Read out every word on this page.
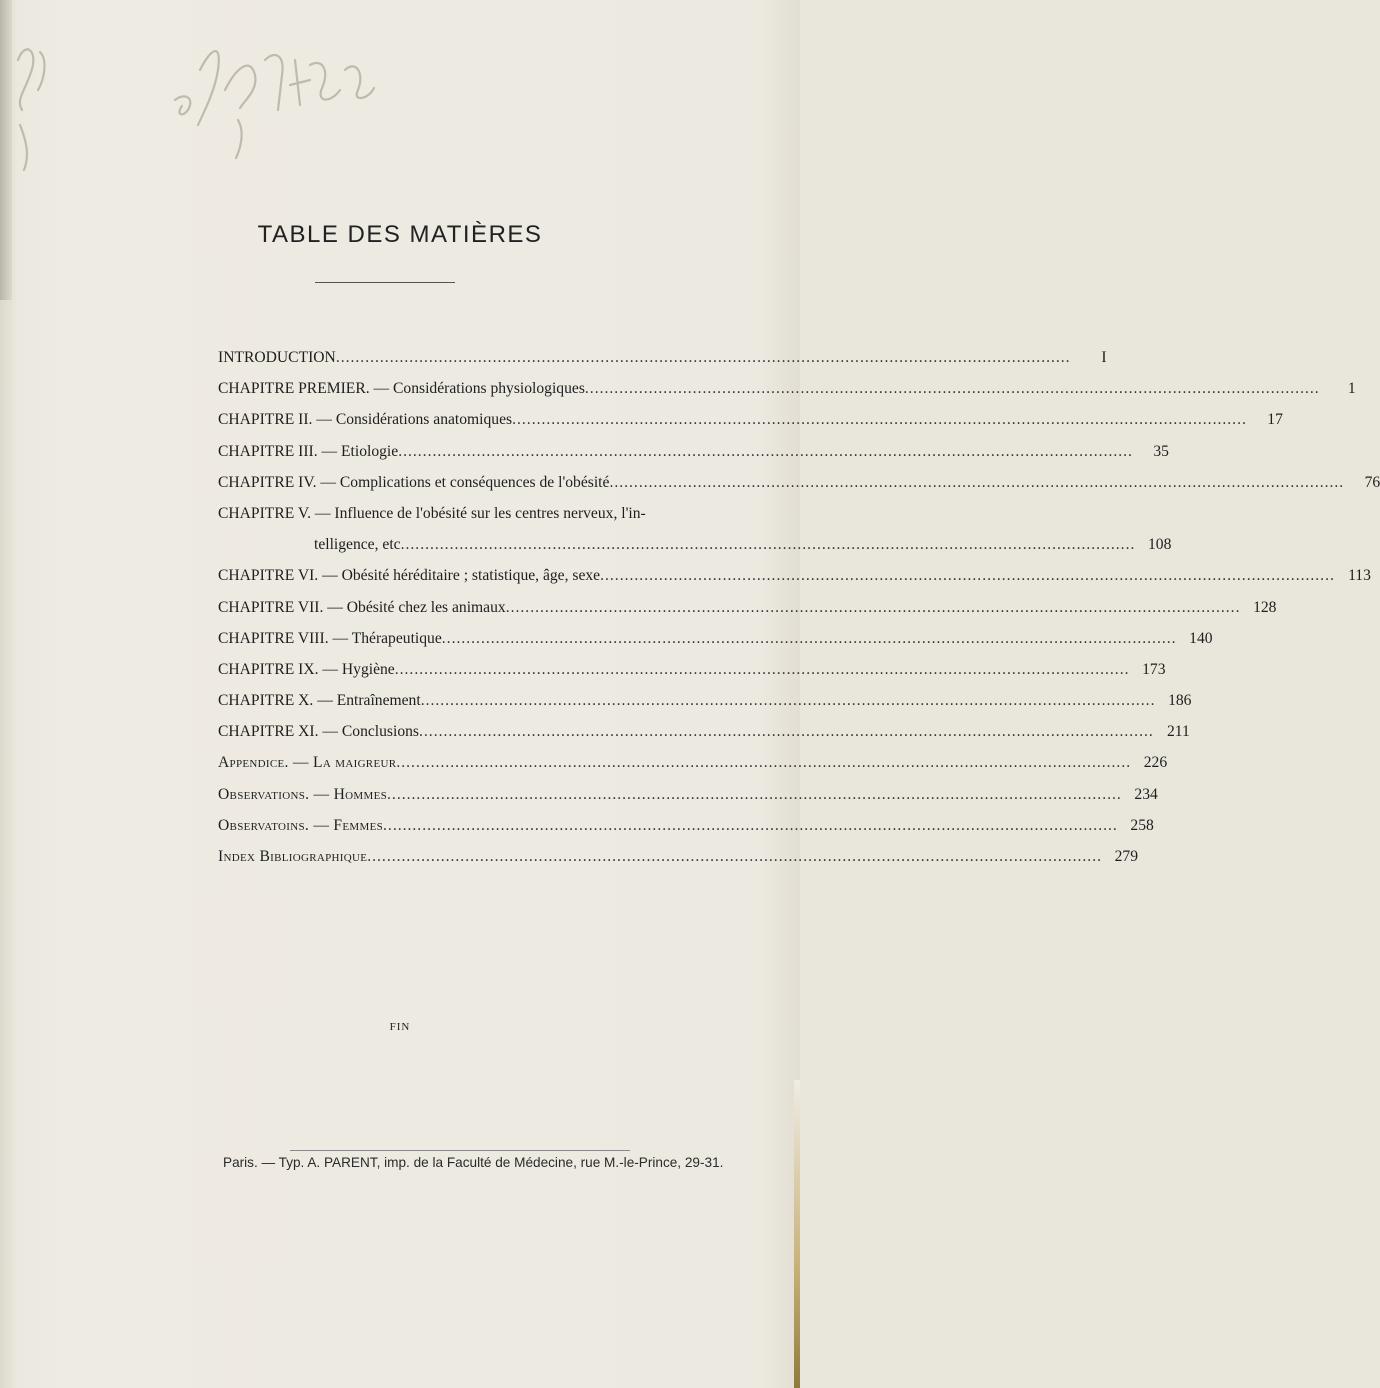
TABLE DES MATIÈRES
INTRODUCTION .....	I
CHAPITRE PREMIER. — Considérations physiologiques .....	1
CHAPITRE II. — Considérations anatomiques .....	17
CHAPITRE III. — Etiologie .....	35
CHAPITRE IV. — Complications et conséquences de l'obésité .....	76
CHAPITRE V. — Influence de l'obésité sur les centres nerveux, l'in-
telligence, etc .....	108
CHAPITRE VI. — Obésité héréditaire ; statistique, âge, sexe .....	113
CHAPITRE VII. — Obésité chez les animaux .....	128
CHAPITRE VIII. — Thérapeutique .....	140
CHAPITRE IX. — Hygiène .....	173
CHAPITRE X. — Entraînement .....	186
CHAPITRE XI. — Conclusions .....	211
Appendice. — La maigreur .....	226
Observations. — Hommes .....	234
Observatoins. — Femmes .....	258
Index Bibliographique .....	279
FIN
Paris. — Typ. A. PARENT, imp. de la Faculté de Médecine, rue M.-le-Prince, 29-31.
